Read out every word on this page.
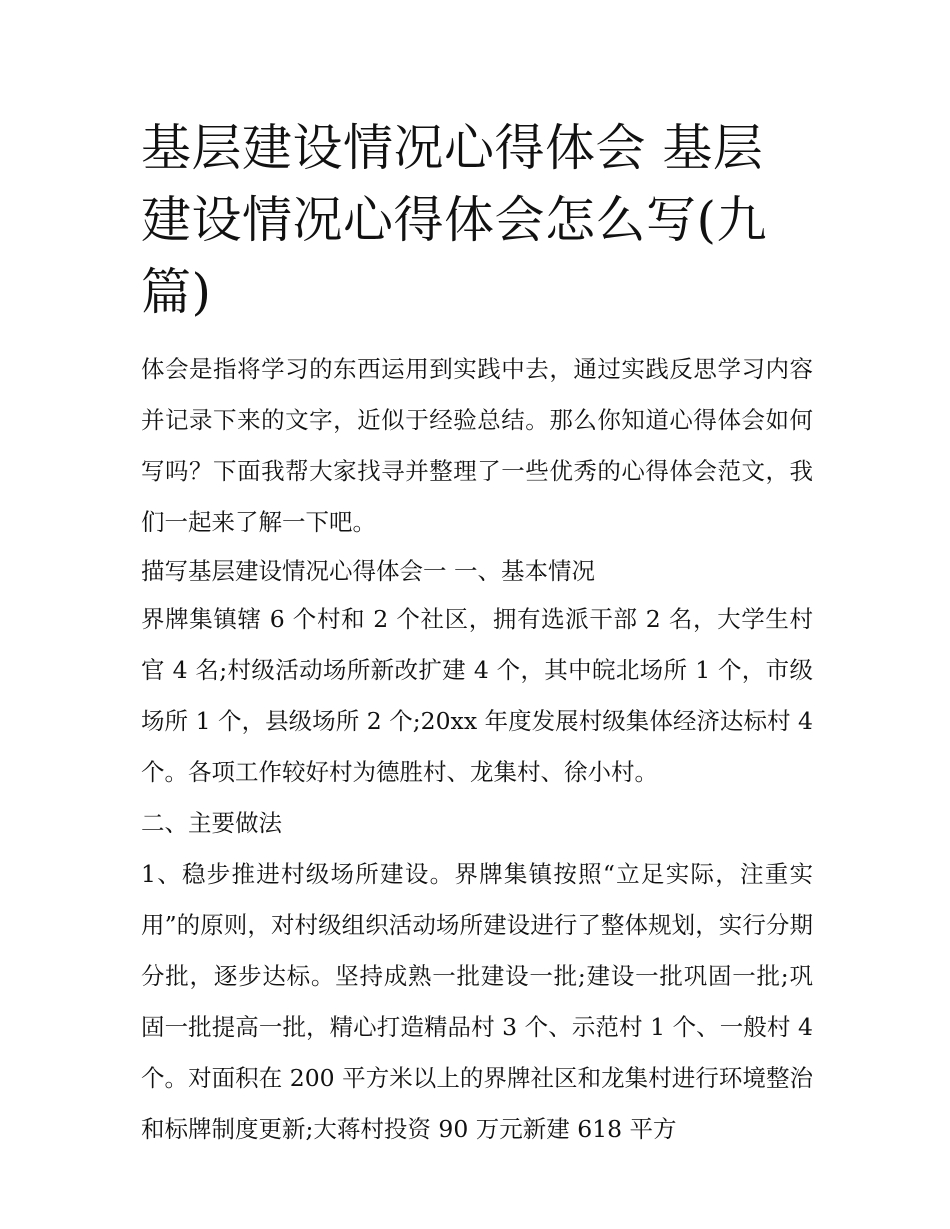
基层建设情况心得体会 基层建设情况心得体会怎么写(九篇)

体会是指将学习的东西运用到实践中去，通过实践反思学习内容并记录下来的文字，近似于经验总结。那么你知道心得体会如何写吗？下面我帮大家找寻并整理了一些优秀的心得体会范文，我们一起来了解一下吧。

描写基层建设情况心得体会一 一、基本情况

界牌集镇辖 6 个村和 2 个社区，拥有选派干部 2 名，大学生村官 4 名;村级活动场所新改扩建 4 个，其中皖北场所 1 个，市级场所 1 个，县级场所 2 个;20xx 年度发展村级集体经济达标村 4 个。各项工作较好村为德胜村、龙集村、徐小村。

二、主要做法

1、稳步推进村级场所建设。界牌集镇按照“立足实际，注重实用”的原则，对村级组织活动场所建设进行了整体规划，实行分期分批，逐步达标。坚持成熟一批建设一批;建设一批巩固一批;巩固一批提高一批，精心打造精品村 3 个、示范村 1 个、一般村 4 个。对面积在 200 平方米以上的界牌社区和龙集村进行环境整治和标牌制度更新;大蒋村投资 90 万元新建 618 平方
